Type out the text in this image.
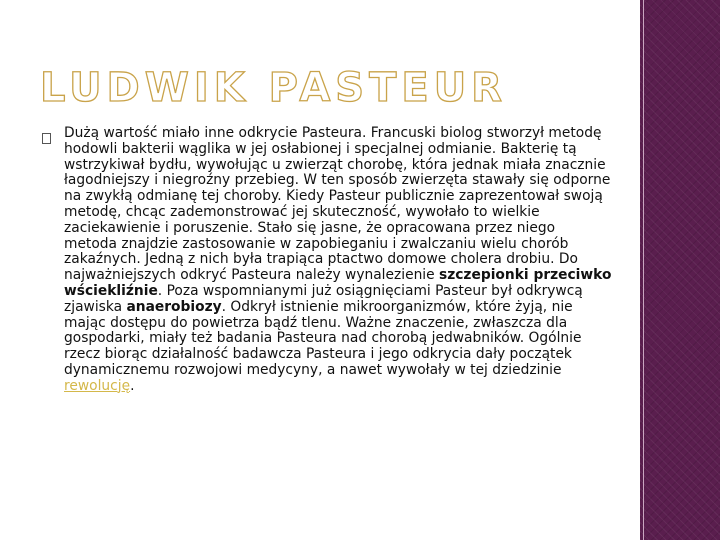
LUDWIK PASTEUR
Dużą wartość miało inne odkrycie Pasteura. Francuski biolog stworzył metodę hodowli bakterii wąglika w jej osłabionej i specjalnej odmianie. Bakterię tą wstrzykiwał bydłu, wywołując u zwierząt chorobę, która jednak miała znacznie łagodniejszy i niegroźny przebieg. W ten sposób zwierzęta stawały się odporne na zwykłą odmianę tej choroby. Kiedy Pasteur publicznie zaprezentował swoją metodę, chcąc zademonstrować jej skuteczność, wywołało to wielkie zaciekawienie i poruszenie. Stało się jasne, że opracowana przez niego metoda znajdzie zastosowanie w zapobieganiu i zwalczaniu wielu chorób zakaźnych. Jedną z nich była trapiąca ptactwo domowe cholera drobiu. Do najważniejszych odkryć Pasteura należy wynalezienie szczepionki przeciwko wściekliźnie. Poza wspomnianymi już osiągnięciami Pasteur był odkrywcą zjawiska anaerobiozy. Odkrył istnienie mikroorganizmów, które żyją, nie mając dostępu do powietrza bądź tlenu. Ważne znaczenie, zwłaszcza dla gospodarki, miały też badania Pasteura nad chorobą jedwabników. Ogólnie rzecz biorąc działalność badawcza Pasteura i jego odkrycia dały początek dynamicznemu rozwojowi medycyny, a nawet wywołały w tej dziedzinie rewolucję.
